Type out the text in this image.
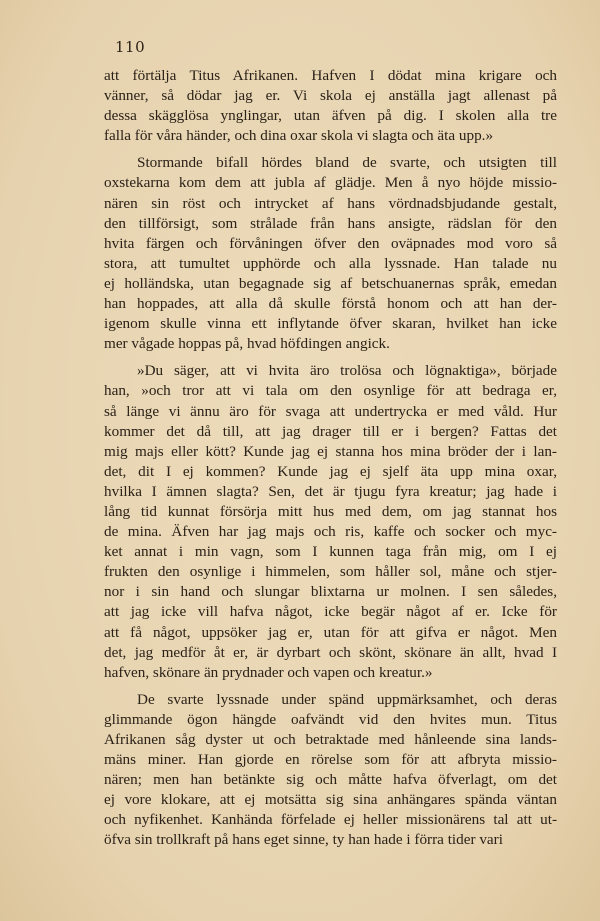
110
att förtälja Titus Afrikanen. Hafven I dödat mina krigare och
vänner, så dödar jag er. Vi skola ej anställa jagt allenast på
dessa skägglösa ynglingar, utan äfven på dig. I skolen alla tre
falla för våra händer, och dina oxar skola vi slagta och äta upp.»
Stormande bifall hördes bland de svarte, och utsigten till
oxstekarna kom dem att jubla af glädje. Men å nyo höjde missio-
nären sin röst och intrycket af hans vördnadsbjudande gestalt,
den tillförsigt, som strålade från hans ansigte, rädslan för den
hvita färgen och förvåningen öfver den oväpnades mod voro så
stora, att tumultet upphörde och alla lyssnade. Han talade nu
ej holländska, utan begagnade sig af betschuanernas språk, emedan
han hoppades, att alla då skulle förstå honom och att han der-
igenom skulle vinna ett inflytande öfver skaran, hvilket han icke
mer vågade hoppas på, hvad höfdingen angick.
»Du säger, att vi hvita äro trolösa och lögnaktiga», började
han, »och tror att vi tala om den osynlige för att bedraga er,
så länge vi ännu äro för svaga att undertrycka er med våld. Hur
kommer det då till, att jag drager till er i bergen? Fattas det
mig majs eller kött? Kunde jag ej stanna hos mina bröder der i lan-
det, dit I ej kommen? Kunde jag ej sjelf äta upp mina oxar,
hvilka I ämnen slagta? Sen, det är tjugu fyra kreatur; jag hade i
lång tid kunnat försörja mitt hus med dem, om jag stannat hos
de mina. Äfven har jag majs och ris, kaffe och socker och myc-
ket annat i min vagn, som I kunnen taga från mig, om I ej
frukten den osynlige i himmelen, som håller sol, måne och stjer-
nor i sin hand och slungar blixtarna ur molnen. I sen således,
att jag icke vill hafva något, icke begär något af er. Icke för
att få något, uppsöker jag er, utan för att gifva er något. Men
det, jag medför åt er, är dyrbart och skönt, skönare än allt, hvad I
hafven, skönare än prydnader och vapen och kreatur.»
De svarte lyssnade under spänd uppmärksamhet, och deras
glimmande ögon hängde oafvändt vid den hvites mun. Titus
Afrikanen såg dyster ut och betraktade med hånleende sina lands-
mäns miner. Han gjorde en rörelse som för att afbryta missio-
nären; men han betänkte sig och måtte hafva öfverlagt, om det
ej vore klokare, att ej motsätta sig sina anhängares spända väntan
och nyfikenhet. Kanhända förfelade ej heller missionärens tal att ut-
öfva sin trollkraft på hans eget sinne, ty han hade i förra tider vari
